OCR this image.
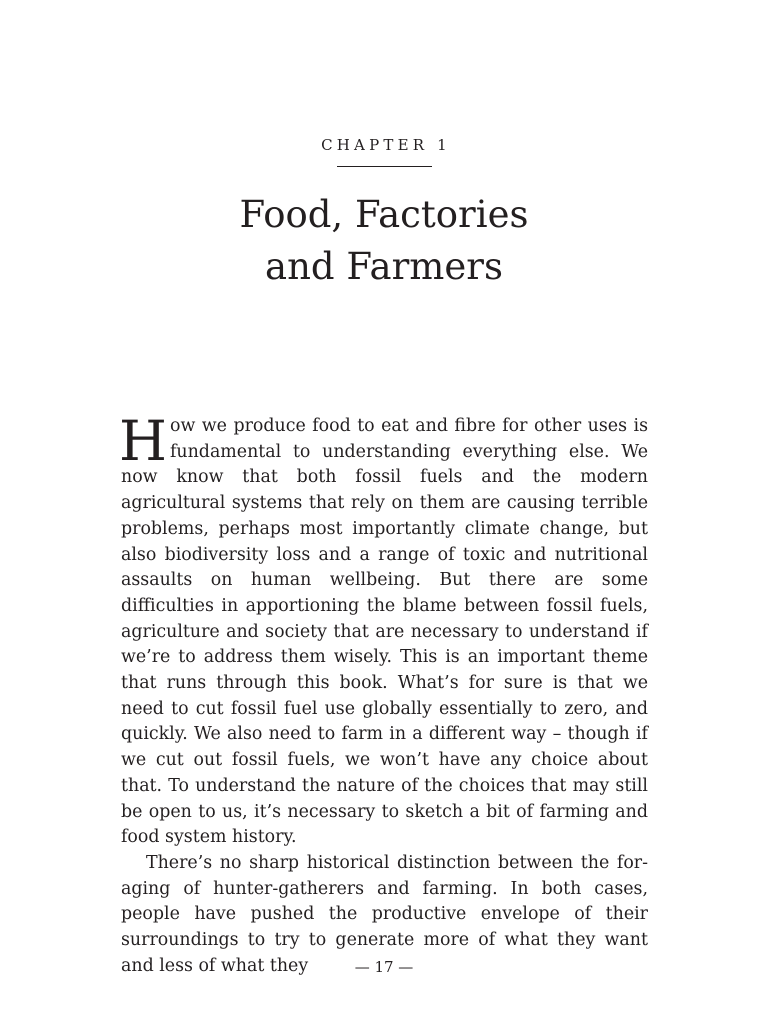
CHAPTER 1
Food, Factories
and Farmers

How we produce food to eat and fibre for other uses is fundamental to understanding everything else. We now know that both fossil fuels and the modern agricultural systems that rely on them are causing terrible problems, perhaps most importantly climate change, but also biodiversity loss and a range of toxic and nutritional assaults on human wellbeing. But there are some difficulties in apportioning the blame between fossil fuels, agriculture and society that are necessary to understand if we’re to address them wisely. This is an important theme that runs through this book. What’s for sure is that we need to cut fossil fuel use globally essentially to zero, and quickly. We also need to farm in a different way – though if we cut out fossil fuels, we won’t have any choice about that. To understand the nature of the choices that may still be open to us, it’s necessary to sketch a bit of farming and food system history.

There’s no sharp historical distinction between the foraging of hunter-gatherers and farming. In both cases, people have pushed the productive envelope of their surroundings to try to generate more of what they want and less of what they	— 17 —
